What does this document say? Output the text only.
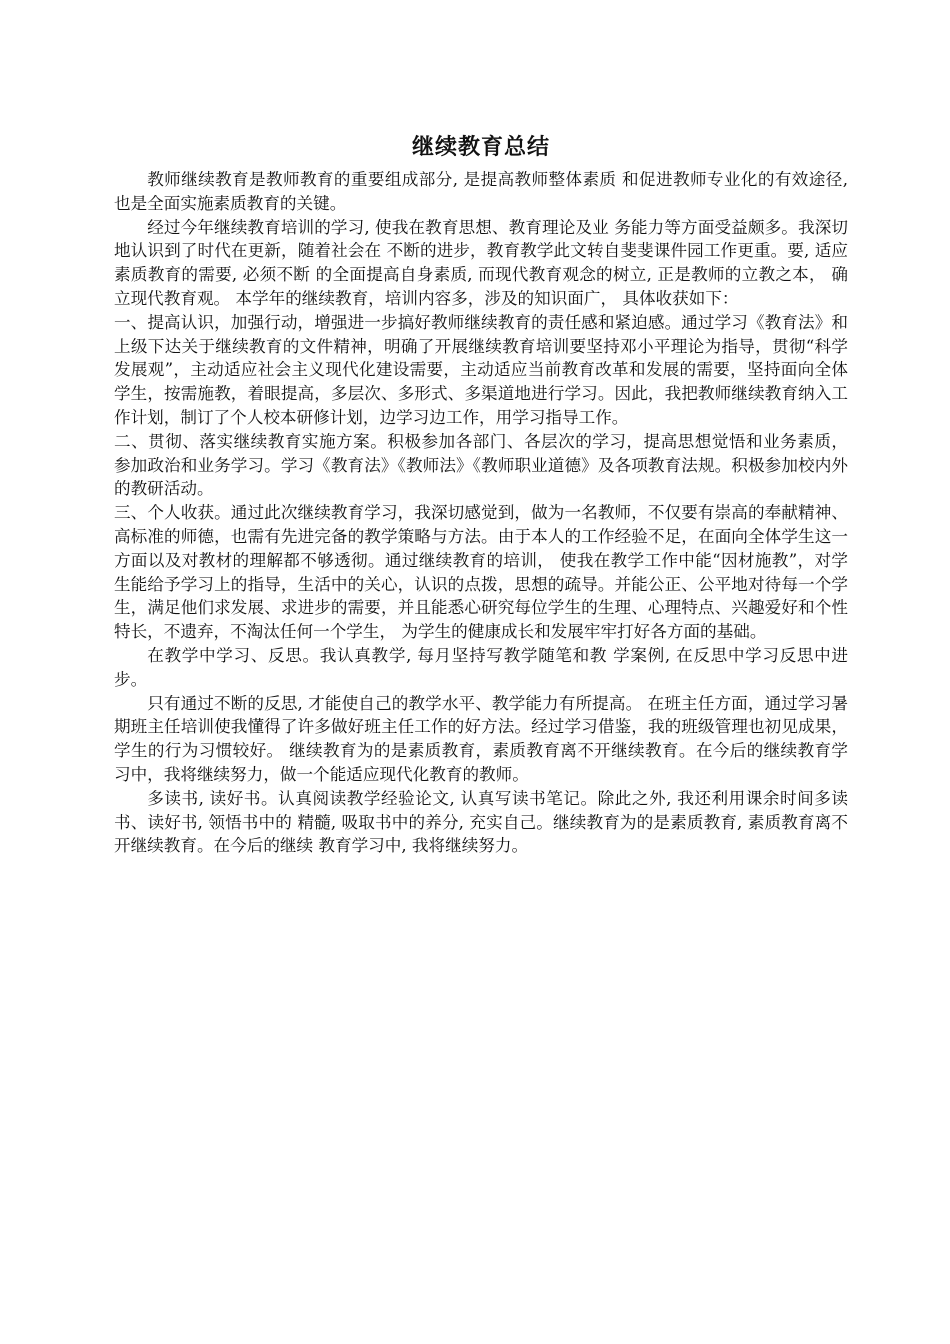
继续教育总结

教师继续教育是教师教育的重要组成部分, 是提高教师整体素质 和促进教师专业化的有效途径, 也是全面实施素质教育的关键。

经过今年继续教育培训的学习, 使我在教育思想、教育理论及业 务能力等方面受益颇多。我深切地认识到了时代在更新，随着社会在 不断的进步，教育教学此文转自斐斐课件园工作更重。要, 适应素质教育的需要, 必须不断 的全面提高自身素质, 而现代教育观念的树立, 正是教师的立教之本， 确立现代教育观。 本学年的继续教育，培训内容多，涉及的知识面广， 具体收获如下：

一、提高认识，加强行动，增强进一步搞好教师继续教育的责任感和紧迫感。通过学习《教育法》和上级下达关于继续教育的文件精神，明确了开展继续教育培训要坚持邓小平理论为指导，贯彻“科学发展观”，主动适应社会主义现代化建设需要，主动适应当前教育改革和发展的需要，坚持面向全体学生，按需施教，着眼提高，多层次、多形式、多渠道地进行学习。因此，我把教师继续教育纳入工作计划，制订了个人校本研修计划，边学习边工作，用学习指导工作。

二、贯彻、落实继续教育实施方案。积极参加各部门、各层次的学习，提高思想觉悟和业务素质， 参加政治和业务学习。学习《教育法》《教师法》《教师职业道德》及各项教育法规。积极参加校内外的教研活动。

三、个人收获。通过此次继续教育学习，我深切感觉到，做为一名教师，不仅要有崇高的奉献精神、高标准的师德，也需有先进完备的教学策略与方法。由于本人的工作经验不足，在面向全体学生这一方面以及对教材的理解都不够透彻。通过继续教育的培训， 使我在教学工作中能“因材施教”，对学生能给予学习上的指导，生活中的关心，认识的点拨，思想的疏导。并能公正、公平地对待每一个学生，满足他们求发展、求进步的需要，并且能悉心研究每位学生的生理、心理特点、兴趣爱好和个性特长，不遗弃，不淘汰任何一个学生， 为学生的健康成长和发展牢牢打好各方面的基础。

在教学中学习、反思。我认真教学, 每月坚持写教学随笔和教 学案例, 在反思中学习反思中进步。

只有通过不断的反思, 才能使自己的教学水平、教学能力有所提高。 在班主任方面，通过学习暑期班主任培训使我懂得了许多做好班主任工作的好方法。经过学习借鉴，我的班级管理也初见成果，学生的行为习惯较好。 继续教育为的是素质教育，素质教育离不开继续教育。在今后的继续教育学习中，我将继续努力，做一个能适应现代化教育的教师。

多读书, 读好书。认真阅读教学经验论文, 认真写读书笔记。除此之外, 我还利用课余时间多读书、读好书, 领悟书中的 精髓, 吸取书中的养分, 充实自己。继续教育为的是素质教育, 素质教育离不开继续教育。在今后的继续 教育学习中, 我将继续努力。
